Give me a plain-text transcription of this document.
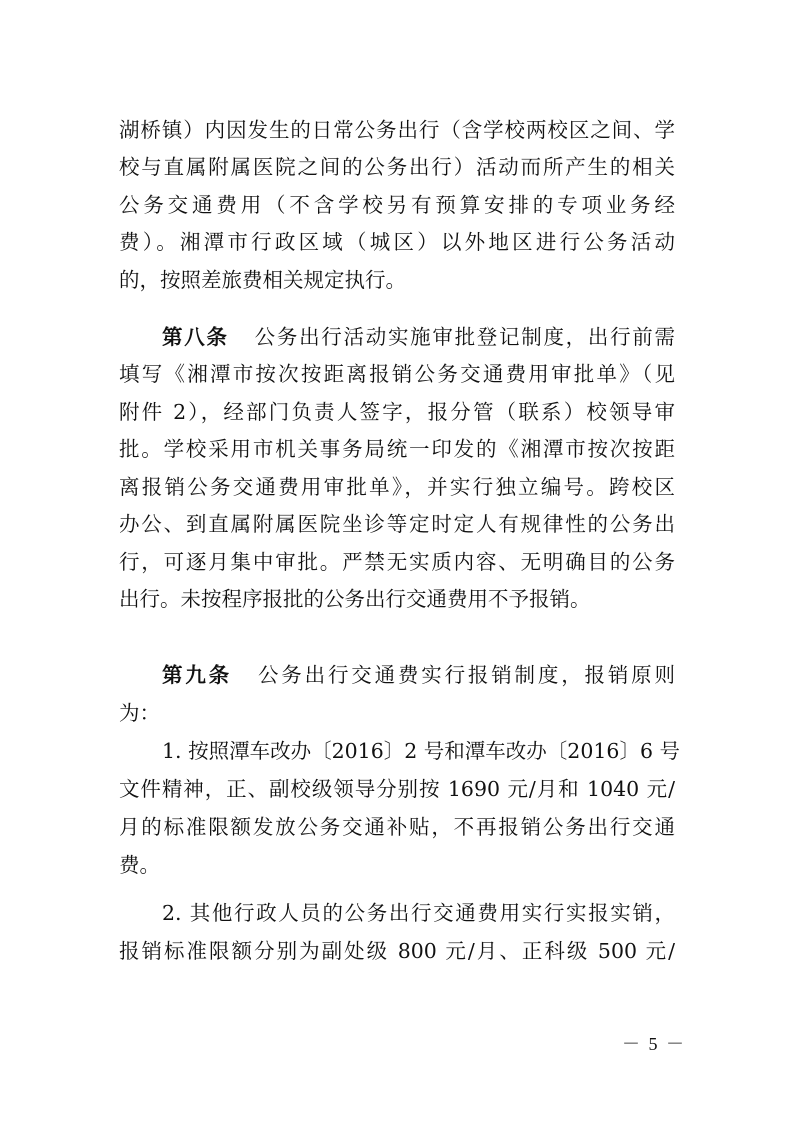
湖桥镇）内因发生的日常公务出行（含学校两校区之间、学

校与直属附属医院之间的公务出行）活动而所产生的相关

公务交通费用（不含学校另有预算安排的专项业务经

费）。湘潭市行政区域（城区）以外地区进行公务活动

的，按照差旅费相关规定执行。

第八条 公务出行活动实施审批登记制度，出行前需

填写《湘潭市按次按距离报销公务交通费用审批单》（见

附件 2），经部门负责人签字，报分管（联系）校领导审

批。学校采用市机关事务局统一印发的《湘潭市按次按距

离报销公务交通费用审批单》，并实行独立编号。跨校区

办公、到直属附属医院坐诊等定时定人有规律性的公务出

行，可逐月集中审批。严禁无实质内容、无明确目的公务

出行。未按程序报批的公务出行交通费用不予报销。

第九条 公务出行交通费实行报销制度，报销原则

为：

1. 按照潭车改办〔2016〕2 号和潭车改办〔2016〕6 号

文件精神，正、副校级领导分别按 1690 元/月和 1040 元/

月的标准限额发放公务交通补贴，不再报销公务出行交通

费。

2. 其他行政人员的公务出行交通费用实行实报实销，

报销标准限额分别为副处级 800 元/月、正科级 500 元/

－ 5 －
